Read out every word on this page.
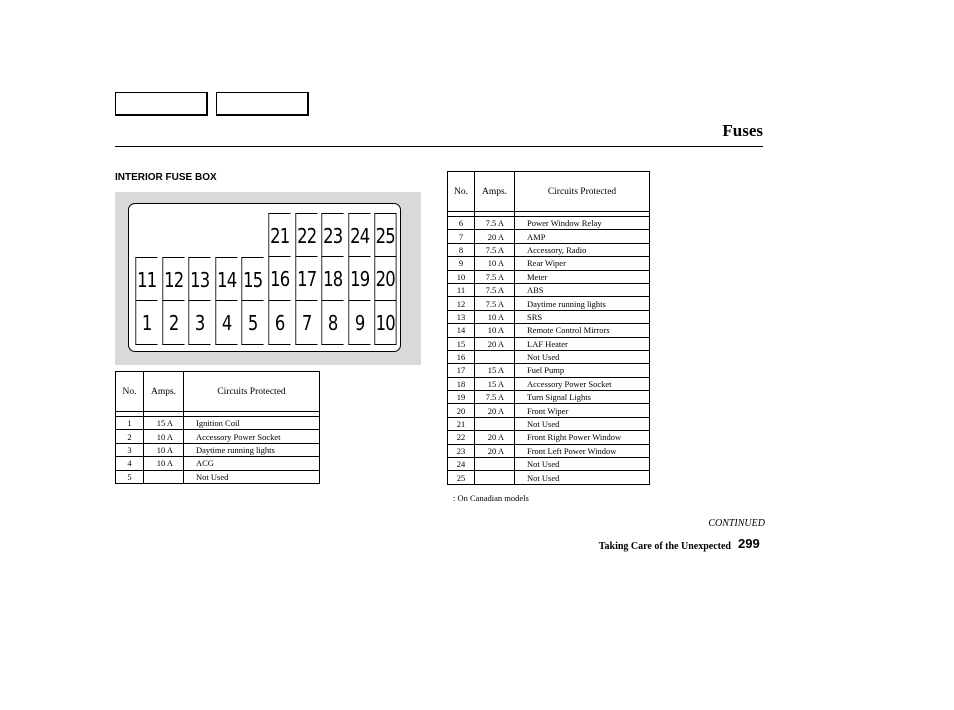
Fuses
INTERIOR FUSE BOX
21 22 23 24 25
11 12 13 14 15 16 17 18 19 20
1 2 3 4 5 6 7 8 9 10
No.	Amps.	Circuits Protected

1	15 A	Ignition Coil
2	10 A	Accessory Power Socket
3	10 A	Daytime running lights
4	10 A	ACG
5		Not Used
No.	Amps.	Circuits Protected

6	7.5 A	Power Window Relay
7	20 A	AMP
8	7.5 A	Accessory, Radio
9	10 A	Rear Wiper
10	7.5 A	Meter
11	7.5 A	ABS
12	7.5 A	Daytime running lights
13	10 A	SRS
14	10 A	Remote Control Mirrors
15	20 A	LAF Heater
16		Not Used
17	15 A	Fuel Pump
18	15 A	Accessory Power Socket
19	7.5 A	Turn Signal Lights
20	20 A	Front Wiper
21		Not Used
22	20 A	Front Right Power Window
23	20 A	Front Left Power Window
24		Not Used
25		Not Used
: On Canadian models
CONTINUED
Taking Care of the Unexpected 299
